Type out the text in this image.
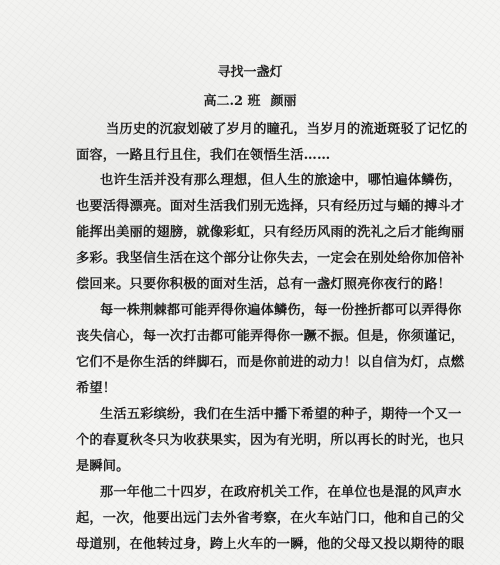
寻找一盏灯
高二.2 班 颜丽
当历史的沉寂划破了岁月的瞳孔，当岁月的流逝斑驳了记忆的
面容，一路且行且住，我们在领悟生活……
也许生活并没有那么理想，但人生的旅途中，哪怕遍体鳞伤，
也要活得漂亮。面对生活我们别无选择，只有经历过与蛹的搏斗才
能挥出美丽的翅膀，就像彩虹，只有经历风雨的洗礼之后才能绚丽
多彩。我坚信生活在这个部分让你失去，一定会在别处给你加倍补
偿回来。只要你积极的面对生活，总有一盏灯照亮你夜行的路！
每一株荆棘都可能弄得你遍体鳞伤，每一份挫折都可以弄得你
丧失信心，每一次打击都可能弄得你一蹶不振。但是，你须谨记，
它们不是你生活的绊脚石，而是你前进的动力！以自信为灯，点燃
希望！
生活五彩缤纷，我们在生活中播下希望的种子，期待一个又一
个的春夏秋冬只为收获果实，因为有光明，所以再长的时光，也只
是瞬间。
那一年他二十四岁，在政府机关工作，在单位也是混的风声水
起，一次，他要出远门去外省考察，在火车站门口，他和自己的父
母道别，在他转过身，跨上火车的一瞬，他的父母又投以期待的眼
